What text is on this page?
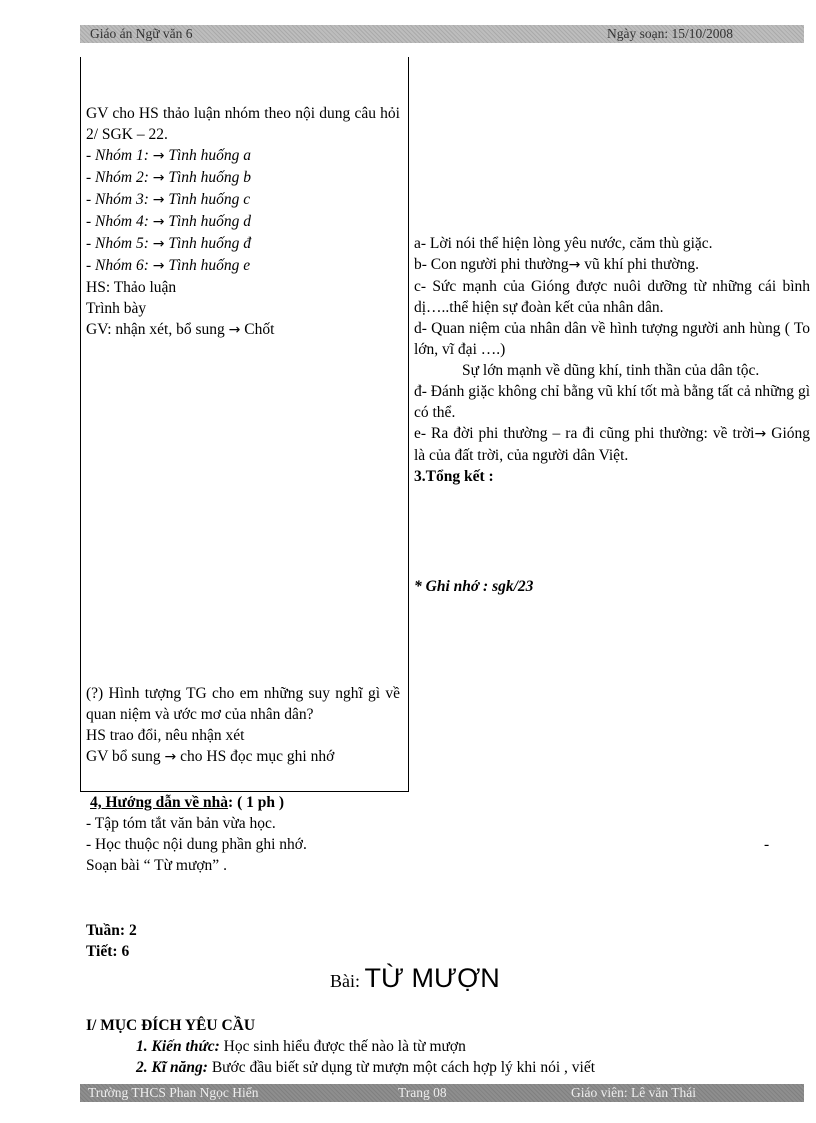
Giáo án Ngữ văn 6	Ngày soạn: 15/10/2008

GV cho HS thảo luận nhóm theo nội dung câu hỏi 2/ SGK – 22.

- Nhóm 1: → Tình huống a

- Nhóm 2: → Tình huống b

- Nhóm 3: → Tình huống c

- Nhóm 4: → Tình huống d

- Nhóm 5: → Tình huống đ

- Nhóm 6: → Tình huống e

HS: Thảo luận

Trình bày

GV: nhận xét, bổ sung → Chốt

(?) Hình tượng TG cho em những suy nghĩ gì về quan niệm và ước mơ của nhân dân?

HS trao đổi, nêu nhận xét

GV bổ sung → cho HS đọc mục ghi nhớ

a- Lời nói thể hiện lòng yêu nước, căm thù giặc.

b- Con người phi thường→ vũ khí phi thường.

c- Sức mạnh của Gióng được nuôi dưỡng từ những cái bình dị…..thể hiện sự đoàn kết của nhân dân.

d- Quan niệm của nhân dân về hình tượng người anh hùng ( To lớn, vĩ đại ….)

Sự lớn mạnh về dũng khí, tinh thần của dân tộc.

đ- Đánh giặc không chỉ bằng vũ khí tốt mà bằng tất cả những gì có thể.

e- Ra đời phi thường – ra đi cũng phi thường: về trời→ Gióng là của đất trời, của người dân Việt.

3.Tổng kết :

* Ghi nhớ : sgk/23
4, Hướng dẫn về nhà: ( 1 ph )
- Tập tóm tắt văn bản vừa học.
- Học thuộc nội dung phần ghi nhớ.	-
Soạn bài “ Từ mượn” .
Tuần: 2
Tiết: 6
Bài: TỪ MƯỢN
I/ MỤC ĐÍCH YÊU CẦU
1. Kiến thức: Học sinh hiểu được thế nào là từ mượn
2. Kĩ năng: Bước đầu biết sử dụng từ mượn một cách hợp lý khi nói , viết
Trường THCS Phan Ngọc Hiển	Trang 08	Giáo viên: Lê văn Thái
